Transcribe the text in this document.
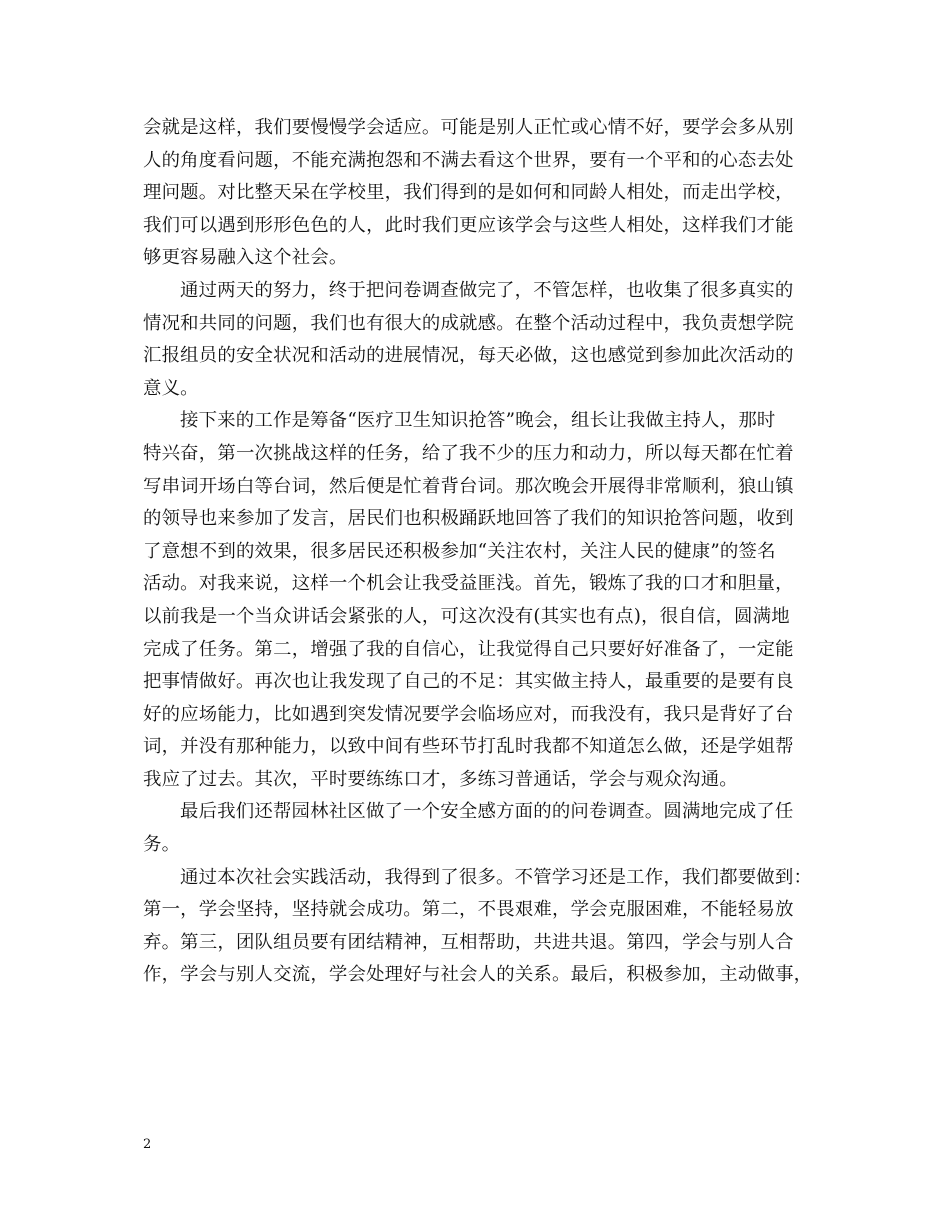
会就是这样，我们要慢慢学会适应。可能是别人正忙或心情不好，要学会多从别
人的角度看问题，不能充满抱怨和不满去看这个世界，要有一个平和的心态去处
理问题。对比整天呆在学校里，我们得到的是如何和同龄人相处，而走出学校，
我们可以遇到形形色色的人，此时我们更应该学会与这些人相处，这样我们才能
够更容易融入这个社会。

通过两天的努力，终于把问卷调查做完了，不管怎样，也收集了很多真实的
情况和共同的问题，我们也有很大的成就感。在整个活动过程中，我负责想学院
汇报组员的安全状况和活动的进展情况，每天必做，这也感觉到参加此次活动的
意义。

接下来的工作是筹备“医疗卫生知识抢答”晚会，组长让我做主持人，那时
特兴奋，第一次挑战这样的任务，给了我不少的压力和动力，所以每天都在忙着
写串词开场白等台词，然后便是忙着背台词。那次晚会开展得非常顺利，狼山镇
的领导也来参加了发言，居民们也积极踊跃地回答了我们的知识抢答问题，收到
了意想不到的效果，很多居民还积极参加“关注农村，关注人民的健康”的签名
活动。对我来说，这样一个机会让我受益匪浅。首先，锻炼了我的口才和胆量，
以前我是一个当众讲话会紧张的人，可这次没有(其实也有点)，很自信，圆满地
完成了任务。第二，增强了我的自信心，让我觉得自己只要好好准备了，一定能
把事情做好。再次也让我发现了自己的不足：其实做主持人，最重要的是要有良
好的应场能力，比如遇到突发情况要学会临场应对，而我没有，我只是背好了台
词，并没有那种能力，以致中间有些环节打乱时我都不知道怎么做，还是学姐帮
我应了过去。其次，平时要练练口才，多练习普通话，学会与观众沟通。

最后我们还帮园林社区做了一个安全感方面的的问卷调查。圆满地完成了任
务。

通过本次社会实践活动，我得到了很多。不管学习还是工作，我们都要做到：
第一，学会坚持，坚持就会成功。第二，不畏艰难，学会克服困难，不能轻易放
弃。第三，团队组员要有团结精神，互相帮助，共进共退。第四，学会与别人合
作，学会与别人交流，学会处理好与社会人的关系。最后，积极参加，主动做事，

2
